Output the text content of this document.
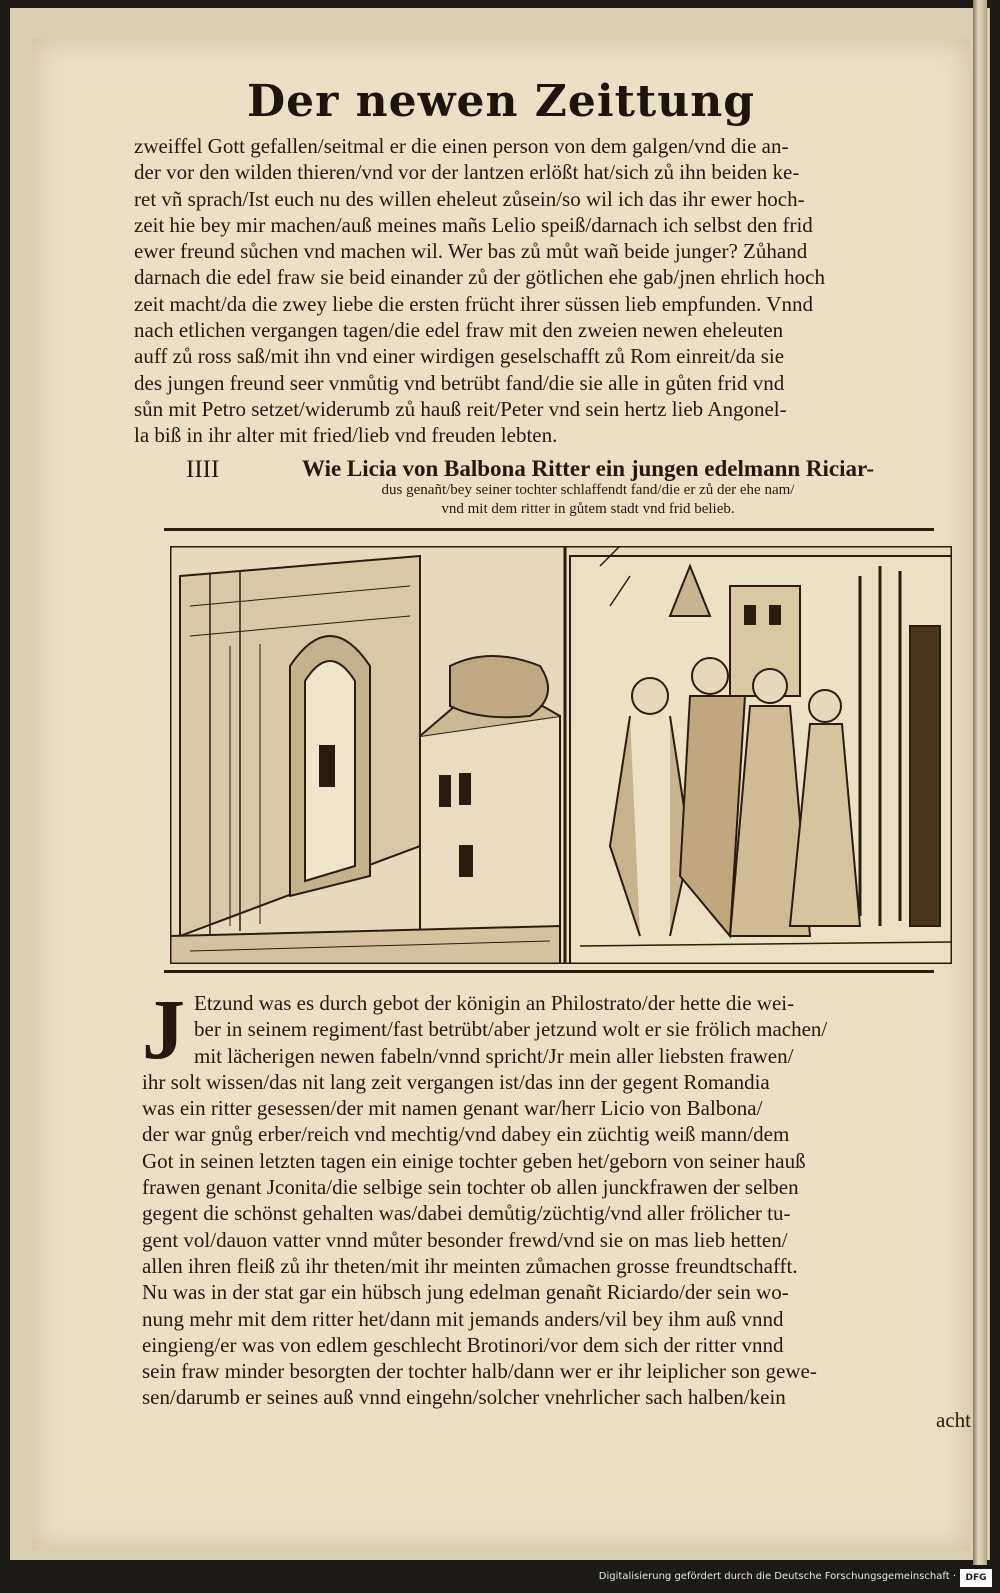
Der newen Zeittung
zweiffel Gott gefallen/seitmal er die einen person von dem galgen/vnd die an-
der vor den wilden thieren/vnd vor der lantzen erlößt hat/sich zů ihn beiden ke-
ret vñ sprach/Ist euch nu des willen eheleut zůsein/so wil ich das ihr ewer hoch-
zeit hie bey mir machen/auß meines mañs Lelio speiß/darnach ich selbst den frid
ewer freund sůchen vnd machen wil. Wer bas zů můt wañ beide junger? Zůhand
darnach die edel fraw sie beid einander zů der götlichen ehe gab/jnen ehrlich hoch
zeit macht/da die zwey liebe die ersten frücht ihrer süssen lieb empfunden. Vnnd
nach etlichen vergangen tagen/die edel fraw mit den zweien newen eheleuten
auff zů ross saß/mit ihn vnd einer wirdigen geselschafft zů Rom einreit/da sie
des jungen freund seer vnmůtig vnd betrübt fand/die sie alle in gůten frid vnd
sůn mit Petro setzet/widerumb zů hauß reit/Peter vnd sein hertz lieb Angonel-
la biß in ihr alter mit fried/lieb vnd freuden lebten.
IIII	Wie Licia von Balbona Ritter ein jungen edelmann Riciar-
dus genañt/bey seiner tochter schlaffendt fand/die er zů der ehe nam/
vnd mit dem ritter in gůtem stadt vnd frid belieb.
J Etzund was es durch gebot der königin an Philostrato/der hette die wei-
ber in seinem regiment/fast betrübt/aber jetzund wolt er sie frölich machen/
mit lächerigen newen fabeln/vnnd spricht/Jr mein aller liebsten frawen/
ihr solt wissen/das nit lang zeit vergangen ist/das inn der gegent Romandia
was ein ritter gesessen/der mit namen genant war/herr Licio von Balbona/
der war gnůg erber/reich vnd mechtig/vnd dabey ein züchtig weiß mann/dem
Got in seinen letzten tagen ein einige tochter geben het/geborn von seiner hauß
frawen genant Jconita/die selbige sein tochter ob allen junckfrawen der selben
gegent die schönst gehalten was/dabei demůtig/züchtig/vnd aller frölicher tu-
gent vol/dauon vatter vnnd můter besonder frewd/vnd sie on mas lieb hetten/
allen ihren fleiß zů ihr theten/mit ihr meinten zůmachen grosse freundtschafft.
Nu was in der stat gar ein hübsch jung edelman genañt Riciardo/der sein wo-
nung mehr mit dem ritter het/dann mit jemands anders/vil bey ihm auß vnnd
eingieng/er was von edlem geschlecht Brotinori/vor dem sich der ritter vnnd
sein fraw minder besorgten der tochter halb/dann wer er ihr leiplicher son gewe-
sen/darumb er seines auß vnnd eingehn/solcher vnehrlicher sach halben/kein
acht
Digitalisierung gefördert durch die Deutsche Forschungsgemeinschaft ·	DFG
